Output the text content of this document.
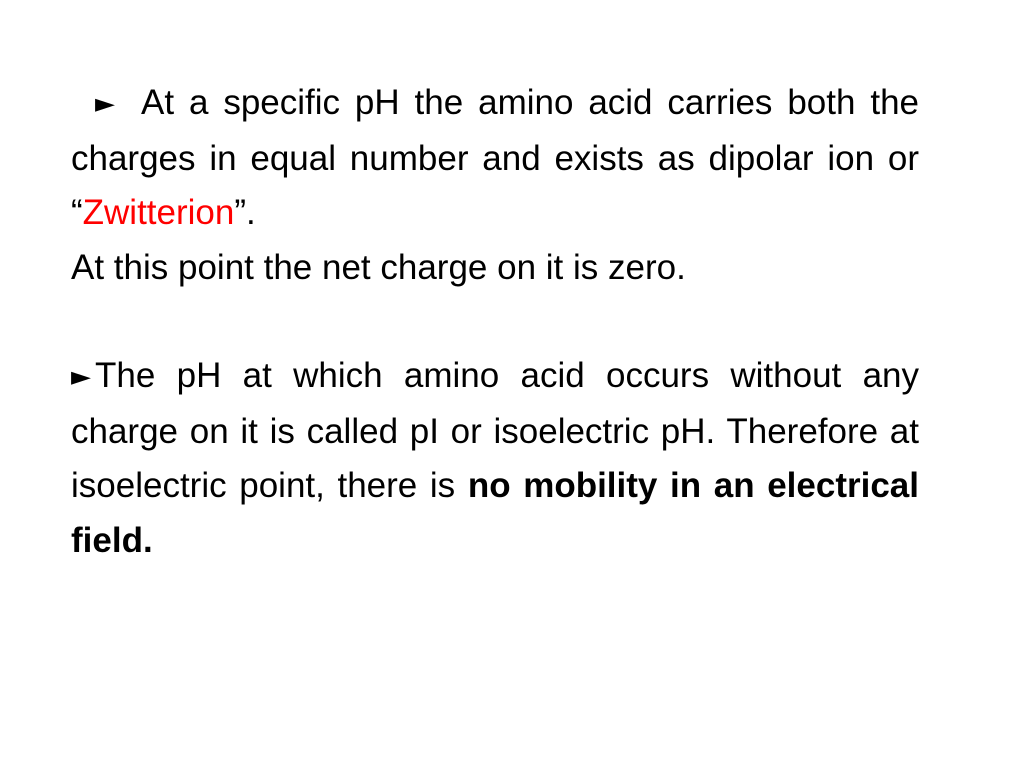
► At a specific pH the amino acid carries both the charges in equal number and exists as dipolar ion or “Zwitterion”.

At this point the net charge on it is zero.

► The pH at which amino acid occurs without any charge on it is called pI or isoelectric pH. Therefore at isoelectric point, there is no mobility in an electrical field.
